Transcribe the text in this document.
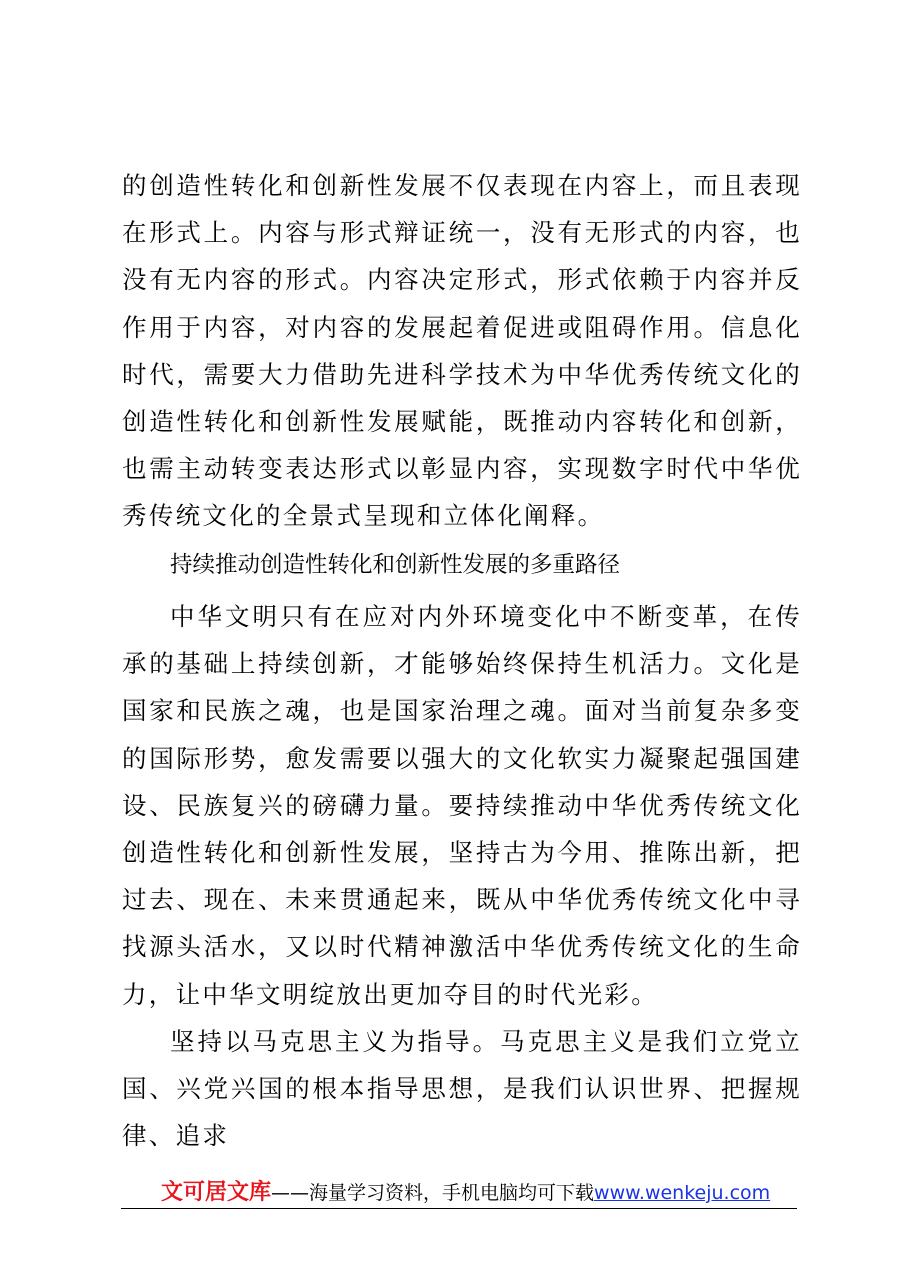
的创造性转化和创新性发展不仅表现在内容上，而且表现在形式上。内容与形式辩证统一，没有无形式的内容，也没有无内容的形式。内容决定形式，形式依赖于内容并反作用于内容，对内容的发展起着促进或阻碍作用。信息化时代，需要大力借助先进科学技术为中华优秀传统文化的创造性转化和创新性发展赋能，既推动内容转化和创新，也需主动转变表达形式以彰显内容，实现数字时代中华优秀传统文化的全景式呈现和立体化阐释。

持续推动创造性转化和创新性发展的多重路径

中华文明只有在应对内外环境变化中不断变革，在传承的基础上持续创新，才能够始终保持生机活力。文化是国家和民族之魂，也是国家治理之魂。面对当前复杂多变的国际形势，愈发需要以强大的文化软实力凝聚起强国建设、民族复兴的磅礴力量。要持续推动中华优秀传统文化创造性转化和创新性发展，坚持古为今用、推陈出新，把过去、现在、未来贯通起来，既从中华优秀传统文化中寻找源头活水，又以时代精神激活中华优秀传统文化的生命力，让中华文明绽放出更加夺目的时代光彩。

坚持以马克思主义为指导。马克思主义是我们立党立国、兴党兴国的根本指导思想，是我们认识世界、把握规律、追求

文可居文库——海量学习资料，手机电脑均可下载www.wenkeju.com
